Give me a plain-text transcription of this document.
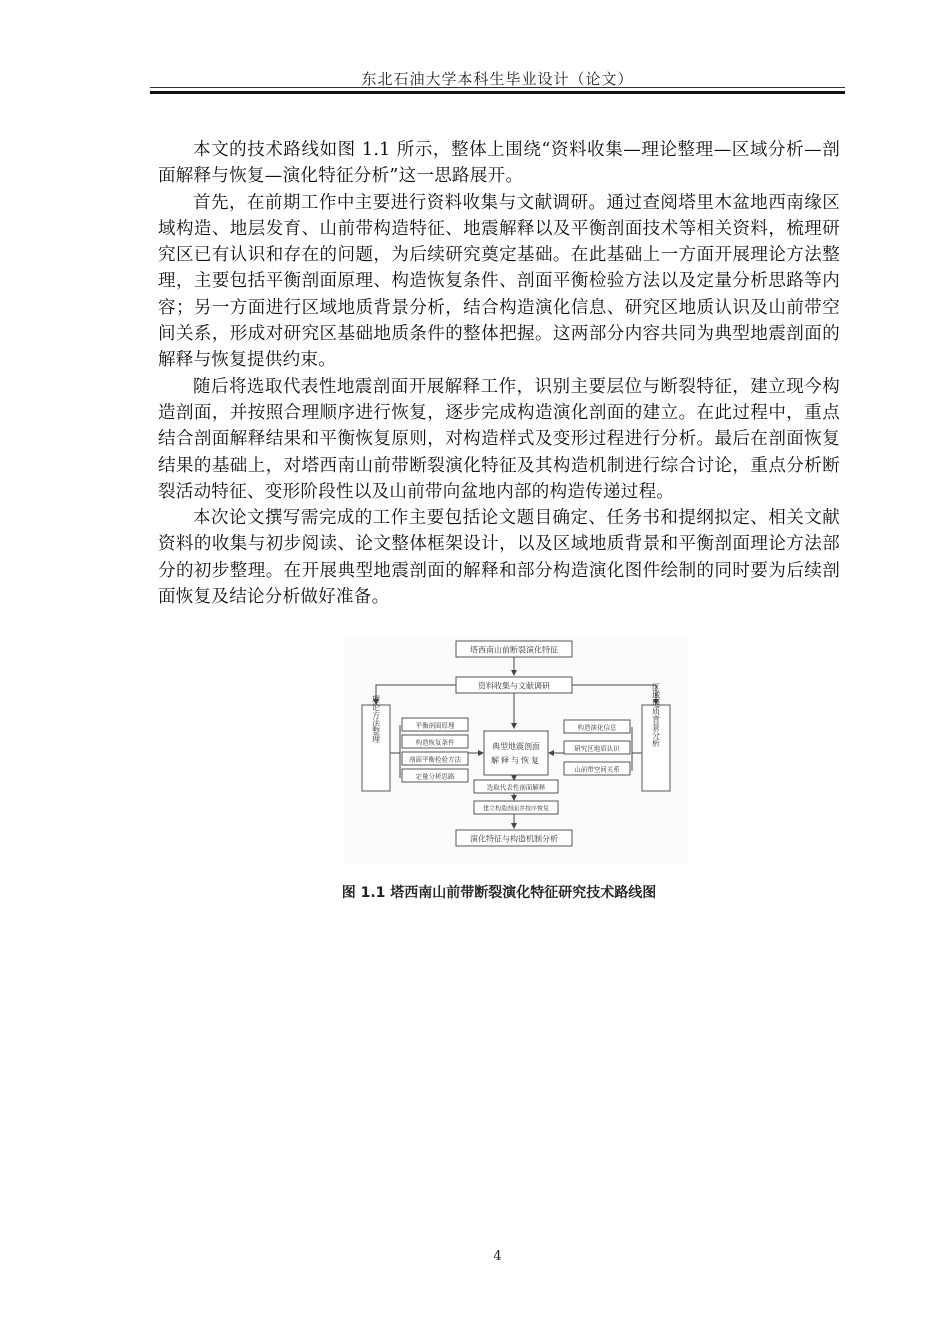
东北石油大学本科生毕业设计（论文）

本文的技术路线如图 1.1 所示，整体上围绕“资料收集—理论整理—区域分析—剖面解释与恢复—演化特征分析”这一思路展开。

首先，在前期工作中主要进行资料收集与文献调研。通过查阅塔里木盆地西南缘区域构造、地层发育、山前带构造特征、地震解释以及平衡剖面技术等相关资料，梳理研究区已有认识和存在的问题，为后续研究奠定基础。在此基础上一方面开展理论方法整理，主要包括平衡剖面原理、构造恢复条件、剖面平衡检验方法以及定量分析思路等内容；另一方面进行区域地质背景分析，结合构造演化信息、研究区地质认识及山前带空间关系，形成对研究区基础地质条件的整体把握。这两部分内容共同为典型地震剖面的解释与恢复提供约束。

随后将选取代表性地震剖面开展解释工作，识别主要层位与断裂特征，建立现今构造剖面，并按照合理顺序进行恢复，逐步完成构造演化剖面的建立。在此过程中，重点结合剖面解释结果和平衡恢复原则，对构造样式及变形过程进行分析。最后在剖面恢复结果的基础上，对塔西南山前带断裂演化特征及其构造机制进行综合讨论，重点分析断裂活动特征、变形阶段性以及山前带向盆地内部的构造传递过程。

本次论文撰写需完成的工作主要包括论文题目确定、任务书和提纲拟定、相关文献资料的收集与初步阅读、论文整体框架设计，以及区域地质背景和平衡剖面理论方法部分的初步整理。在开展典型地震剖面的解释和部分构造演化图件绘制的同时要为后续剖面恢复及结论分析做好准备。

塔西南山前断裂演化特征
资料收集与文献调研
理论方法整理	区域地质背景分析
平衡剖面原理
构造恢复条件
剖面平衡检验方法
定量分析思路
典型地震剖面
解释与恢复
构造演化信息
研究区地质认识
山前带空间关系
选取代表性剖面解释
建立构造剖面并按序恢复
演化特征与构造机制分析
图 1.1 塔西南山前带断裂演化特征研究技术路线图
4
